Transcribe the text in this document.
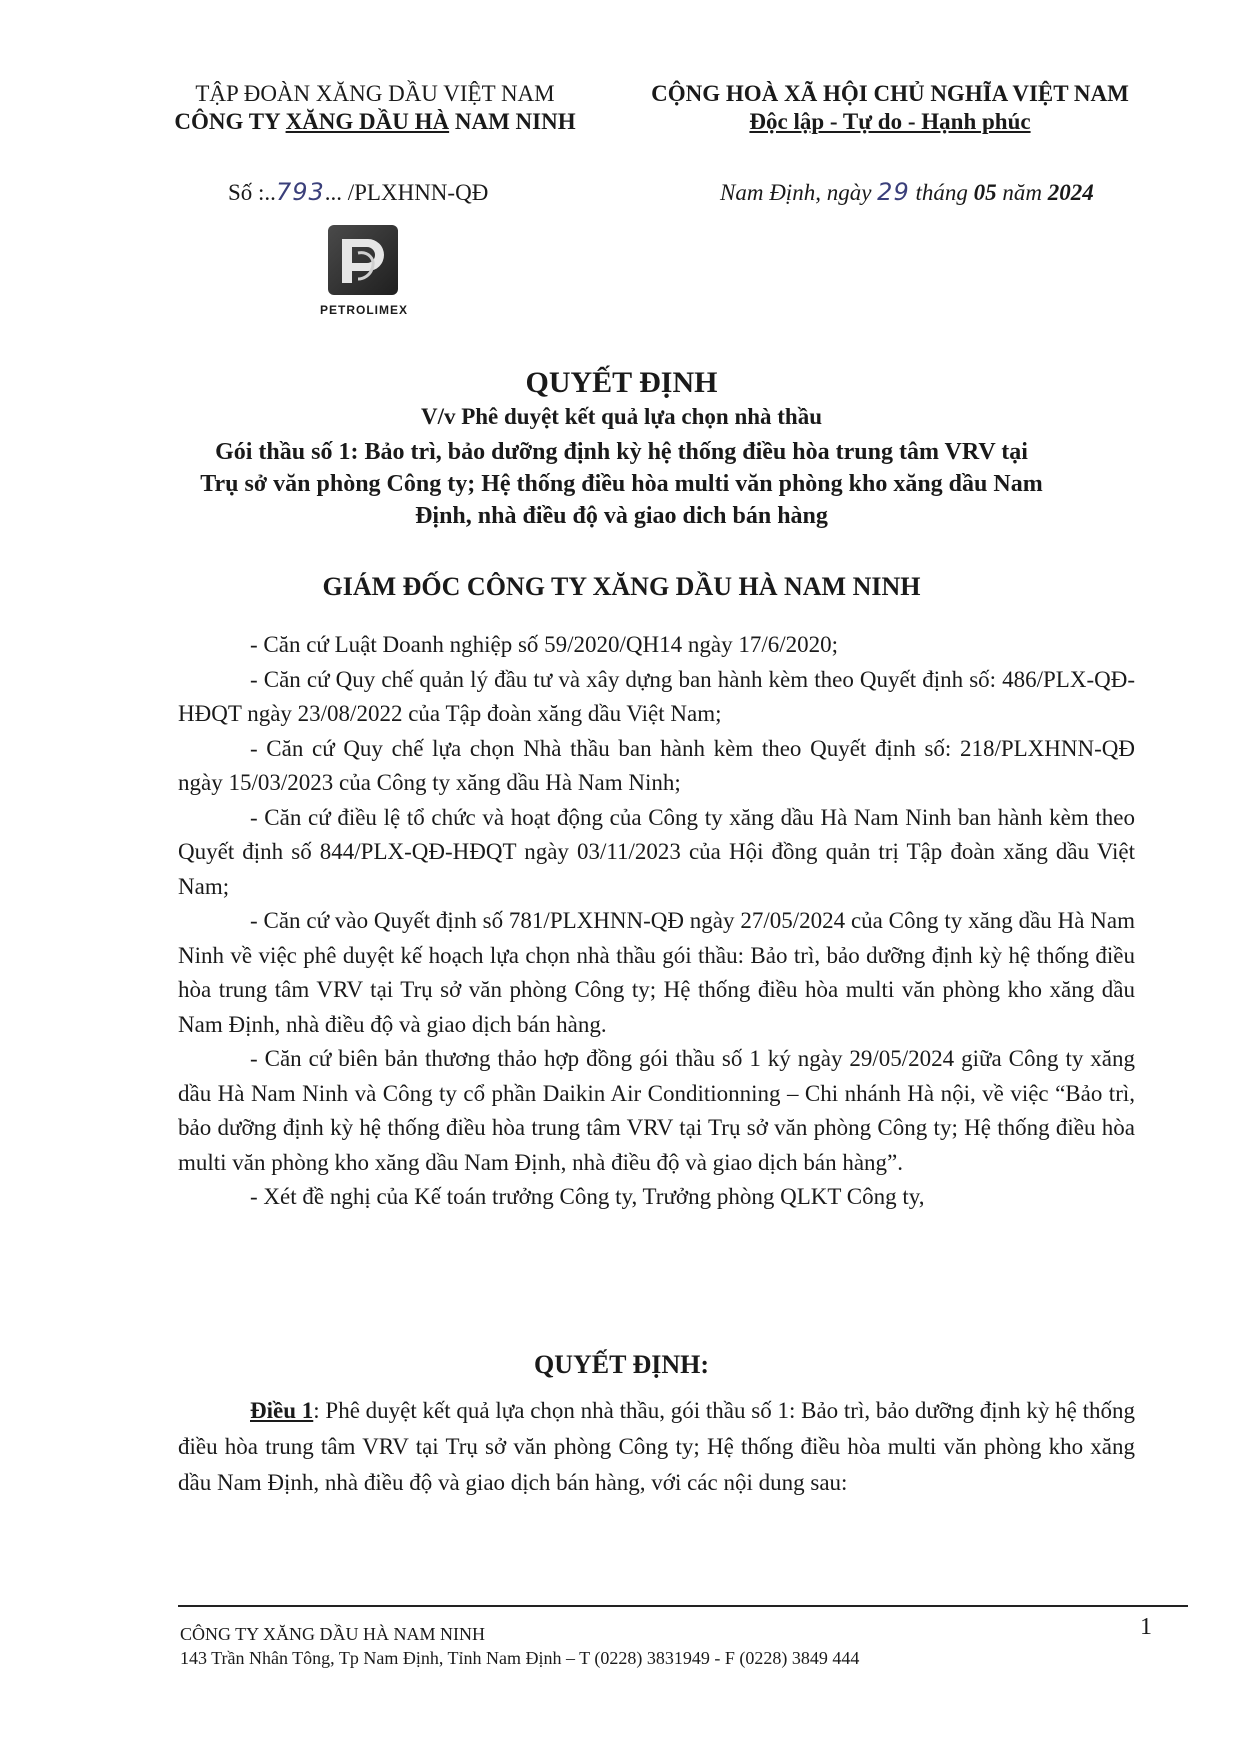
TẬP ĐOÀN XĂNG DẦU VIỆT NAM
CÔNG TY XĂNG DẦU HÀ NAM NINH
CỘNG HOÀ XÃ HỘI CHỦ NGHĨA VIỆT NAM
Độc lập - Tự do - Hạnh phúc
Số :..793... /PLXHNN-QĐ	Nam Định, ngày 29 tháng 05 năm 2024
PETROLIMEX
QUYẾT ĐỊNH
V/v Phê duyệt kết quả lựa chọn nhà thầu
Gói thầu số 1: Bảo trì, bảo dưỡng định kỳ hệ thống điều hòa trung tâm VRV tại
Trụ sở văn phòng Công ty; Hệ thống điều hòa multi văn phòng kho xăng dầu Nam
Định, nhà điều độ và giao dich bán hàng
GIÁM ĐỐC CÔNG TY XĂNG DẦU HÀ NAM NINH

- Căn cứ Luật Doanh nghiệp số 59/2020/QH14 ngày 17/6/2020;

- Căn cứ Quy chế quản lý đầu tư và xây dựng ban hành kèm theo Quyết định số: 486/PLX-QĐ-HĐQT ngày 23/08/2022 của Tập đoàn xăng dầu Việt Nam;

- Căn cứ Quy chế lựa chọn Nhà thầu ban hành kèm theo Quyết định số: 218/PLXHNN-QĐ ngày 15/03/2023 của Công ty xăng dầu Hà Nam Ninh;

- Căn cứ điều lệ tổ chức và hoạt động của Công ty xăng dầu Hà Nam Ninh ban hành kèm theo Quyết định số 844/PLX-QĐ-HĐQT ngày 03/11/2023 của Hội đồng quản trị Tập đoàn xăng dầu Việt Nam;

- Căn cứ vào Quyết định số 781/PLXHNN-QĐ ngày 27/05/2024 của Công ty xăng dầu Hà Nam Ninh về việc phê duyệt kế hoạch lựa chọn nhà thầu gói thầu: Bảo trì, bảo dưỡng định kỳ hệ thống điều hòa trung tâm VRV tại Trụ sở văn phòng Công ty; Hệ thống điều hòa multi văn phòng kho xăng dầu Nam Định, nhà điều độ và giao dịch bán hàng.

- Căn cứ biên bản thương thảo hợp đồng gói thầu số 1 ký ngày 29/05/2024 giữa Công ty xăng dầu Hà Nam Ninh và Công ty cổ phần Daikin Air Conditionning – Chi nhánh Hà nội, về việc “Bảo trì, bảo dưỡng định kỳ hệ thống điều hòa trung tâm VRV tại Trụ sở văn phòng Công ty; Hệ thống điều hòa multi văn phòng kho xăng dầu Nam Định, nhà điều độ và giao dịch bán hàng”.

- Xét đề nghị của Kế toán trưởng Công ty, Trưởng phòng QLKT Công ty,

QUYẾT ĐỊNH:

Điều 1: Phê duyệt kết quả lựa chọn nhà thầu, gói thầu số 1: Bảo trì, bảo dưỡng định kỳ hệ thống điều hòa trung tâm VRV tại Trụ sở văn phòng Công ty; Hệ thống điều hòa multi văn phòng kho xăng dầu Nam Định, nhà điều độ và giao dịch bán hàng, với các nội dung sau:

CÔNG TY XĂNG DẦU HÀ NAM NINH
143 Trần Nhân Tông, Tp Nam Định, Tỉnh Nam Định – T (0228) 3831949 - F (0228) 3849 444
1
